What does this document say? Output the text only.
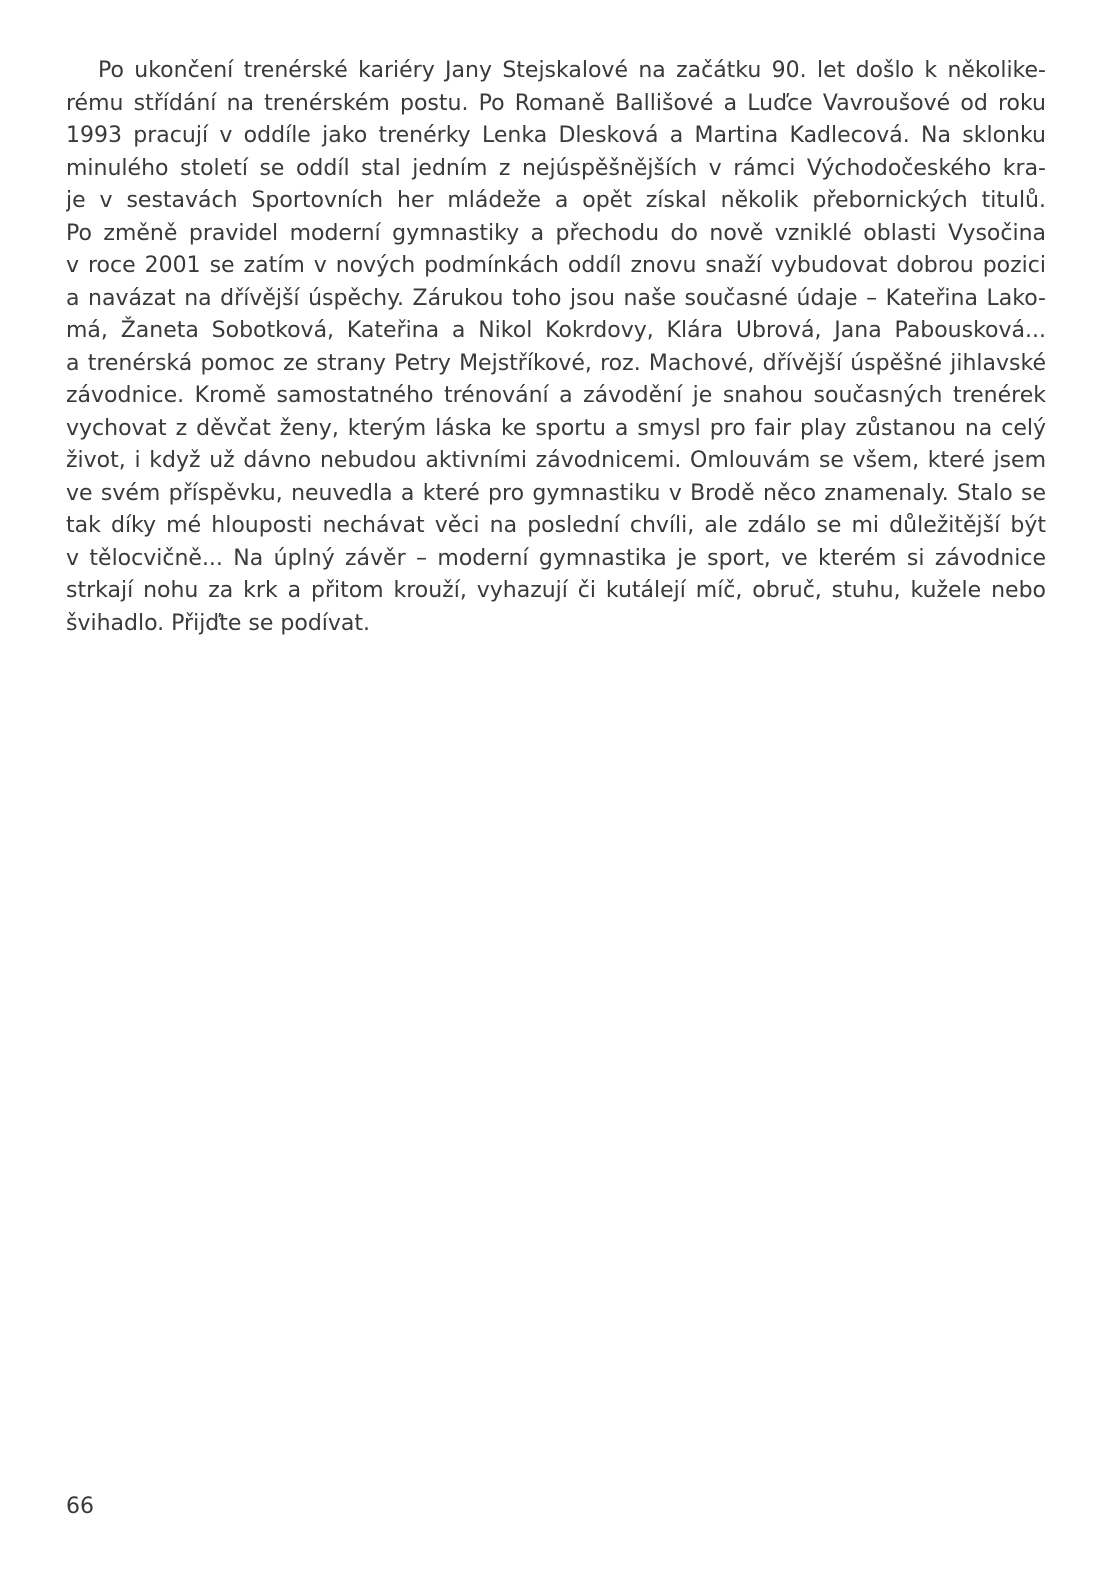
Po ukončení trenérské kariéry Jany Stejskalové na začátku 90. let došlo k několike-
rému střídání na trenérském postu. Po Romaně Ballišové a Luďce Vavroušové od roku
1993 pracují v oddíle jako trenérky Lenka Dlesková a Martina Kadlecová. Na sklonku
minulého století se oddíl stal jedním z nejúspěšnějších v rámci Východočeského kra-
je v sestavách Sportovních her mládeže a opět získal několik přebornických titulů.
Po změně pravidel moderní gymnastiky a přechodu do nově vzniklé oblasti Vysočina
v roce 2001 se zatím v nových podmínkách oddíl znovu snaží vybudovat dobrou pozici
a navázat na dřívější úspěchy. Zárukou toho jsou naše současné údaje – Kateřina Lako-
má, Žaneta Sobotková, Kateřina a Nikol Kokrdovy, Klára Ubrová, Jana Pabousková...
a trenérská pomoc ze strany Petry Mejstříkové, roz. Machové, dřívější úspěšné jihlavské
závodnice. Kromě samostatného trénování a závodění je snahou současných trenérek
vychovat z děvčat ženy, kterým láska ke sportu a smysl pro fair play zůstanou na celý
život, i když už dávno nebudou aktivními závodnicemi. Omlouvám se všem, které jsem
ve svém příspěvku, neuvedla a které pro gymnastiku v Brodě něco znamenaly. Stalo se
tak díky mé hlouposti nechávat věci na poslední chvíli, ale zdálo se mi důležitější být
v tělocvičně... Na úplný závěr – moderní gymnastika je sport, ve kterém si závodnice
strkají nohu za krk a přitom krouží, vyhazují či kutálejí míč, obruč, stuhu, kužele nebo
švihadlo. Přijďte se podívat.
66
